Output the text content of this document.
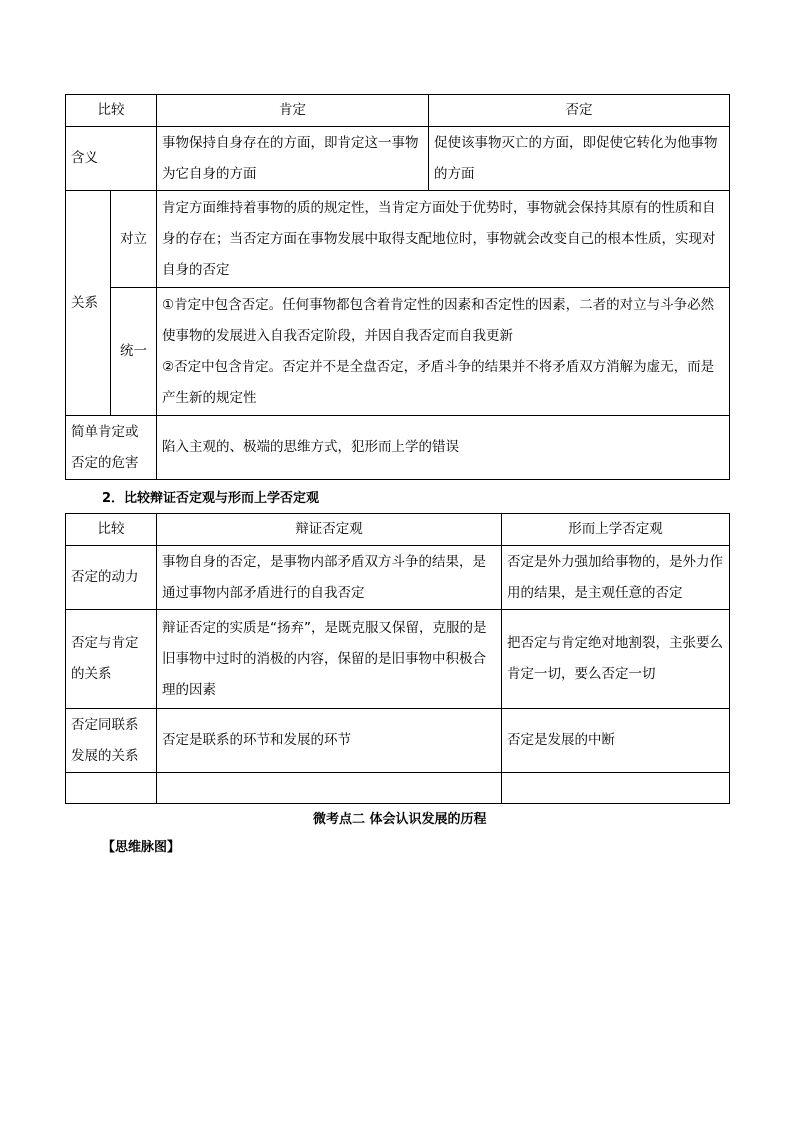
比较		肯定	否定
含义		事物保持自身存在的方面，即肯定这一事物为它自身的方面	促使该事物灭亡的方面，即促使它转化为他事物的方面
关系	对立	肯定方面维持着事物的质的规定性，当肯定方面处于优势时，事物就会保持其原有的性质和自身的存在；当否定方面在事物发展中取得支配地位时，事物就会改变自己的根本性质，实现对自身的否定	
	统一	①肯定中包含否定。任何事物都包含着肯定性的因素和否定性的因素，二者的对立与斗争必然使事物的发展进入自我否定阶段，并因自我否定而自我更新
②否定中包含肯定。否定并不是全盘否定，矛盾斗争的结果并不将矛盾双方消解为虚无，而是产生新的规定性	

简单肯定或否定的危害		陷入主观的、极端的思维方式，犯形而上学的错误	
2．比较辩证否定观与形而上学否定观
比较	辩证否定观	形而上学否定观
否定的动力	事物自身的否定，是事物内部矛盾双方斗争的结果，是通过事物内部矛盾进行的自我否定	否定是外力强加给事物的，是外力作用的结果，是主观任意的否定
否定与肯定的关系	辩证否定的实质是“扬弃”，是既克服又保留，克服的是旧事物中过时的消极的内容，保留的是旧事物中积极合理的因素	把否定与肯定绝对地割裂，主张要么肯定一切，要么否定一切
否定同联系发展的关系	否定是联系的环节和发展的环节	否定是发展的中断

微考点二 体会认识发展的历程
【思维脉图】
